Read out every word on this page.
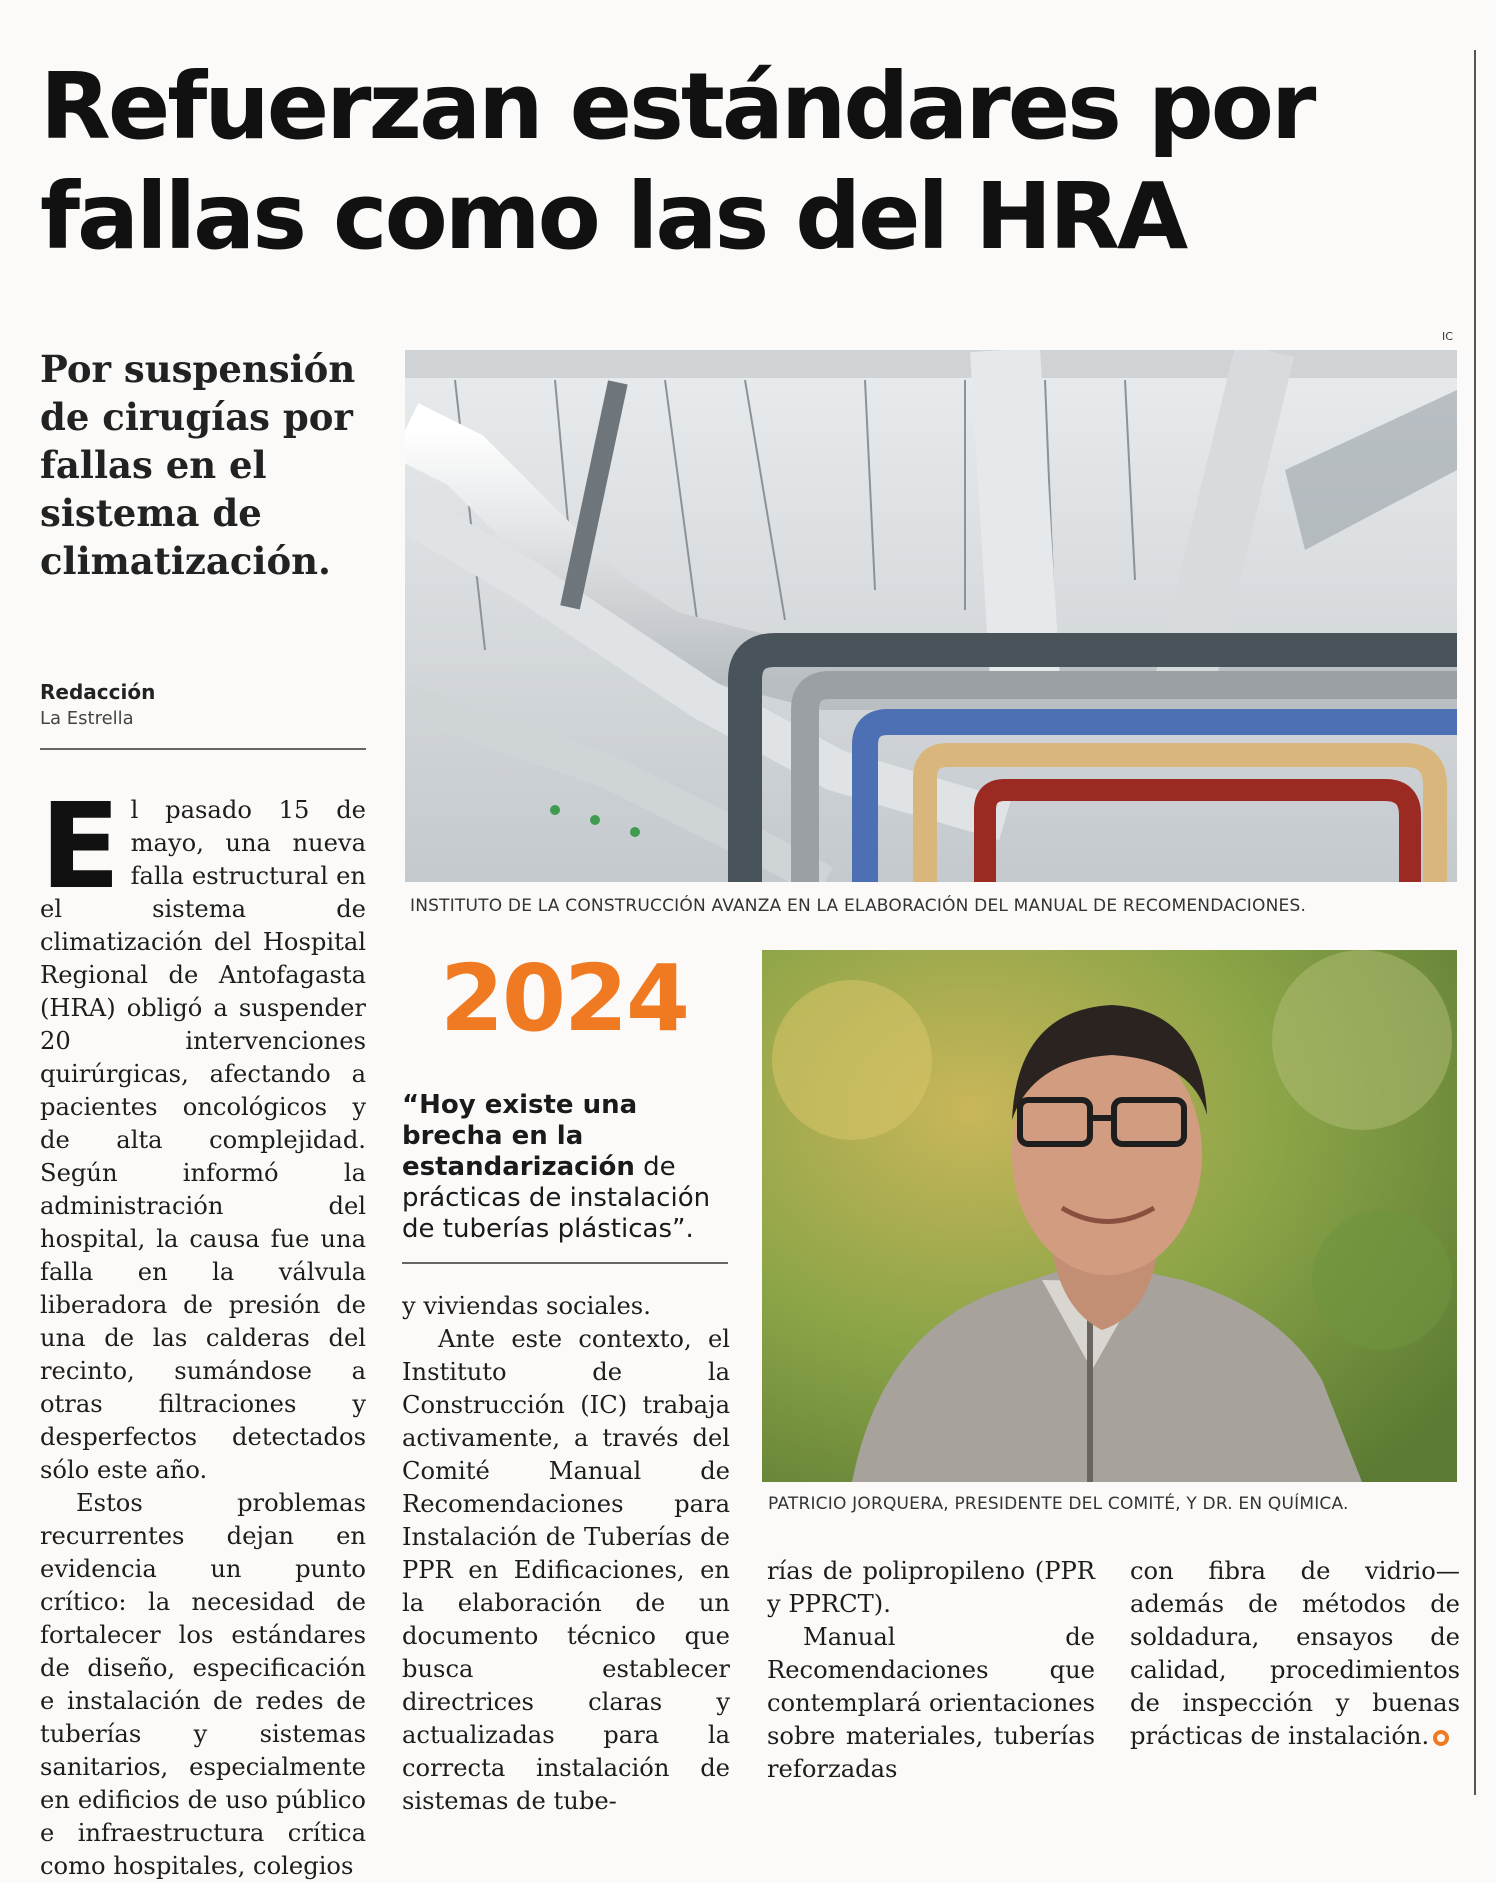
Refuerzan estándares por
fallas como las del HRA
Por suspensión de cirugías por fallas en el sistema de climatización.
Redacción
La Estrella
IC
INSTITUTO DE LA CONSTRUCCIÓN AVANZA EN LA ELABORACIÓN DEL MANUAL DE RECOMENDACIONES.
2024
“Hoy existe una brecha en la estandarización de prácticas de instalación de tuberías plásticas”.
PATRICIO JORQUERA, PRESIDENTE DEL COMITÉ, Y DR. EN QUÍMICA.

El pasado 15 de mayo, una nueva falla estructural en el sistema de climatización del Hospital Regional de Antofagasta (HRA) obligó a suspender 20 intervenciones quirúrgicas, afectando a pacientes oncológicos y de alta complejidad. Según informó la administración del hospital, la causa fue una falla en la válvula liberadora de presión de una de las calderas del recinto, sumándose a otras filtraciones y desperfectos detectados sólo este año.

Estos problemas recurrentes dejan en evidencia un punto crítico: la necesidad de fortalecer los estándares de diseño, especificación e instalación de redes de tuberías y sistemas sanitarios, especialmente en edificios de uso público e infraestructura crítica como hospitales, colegios

y viviendas sociales.

Ante este contexto, el Instituto de la Construcción (IC) trabaja activamente, a través del Comité Manual de Recomendaciones para Instalación de Tuberías de PPR en Edificaciones, en la elaboración de un documento técnico que busca establecer directrices claras y actualizadas para la correcta instalación de sistemas de tube-

rías de polipropileno (PPR y PPRCT).

Manual de Recomendaciones que contemplará orientaciones sobre materiales, tuberías reforzadas

con fibra de vidrio— además de métodos de soldadura, ensayos de calidad, procedimientos de inspección y buenas prácticas de instalación.
